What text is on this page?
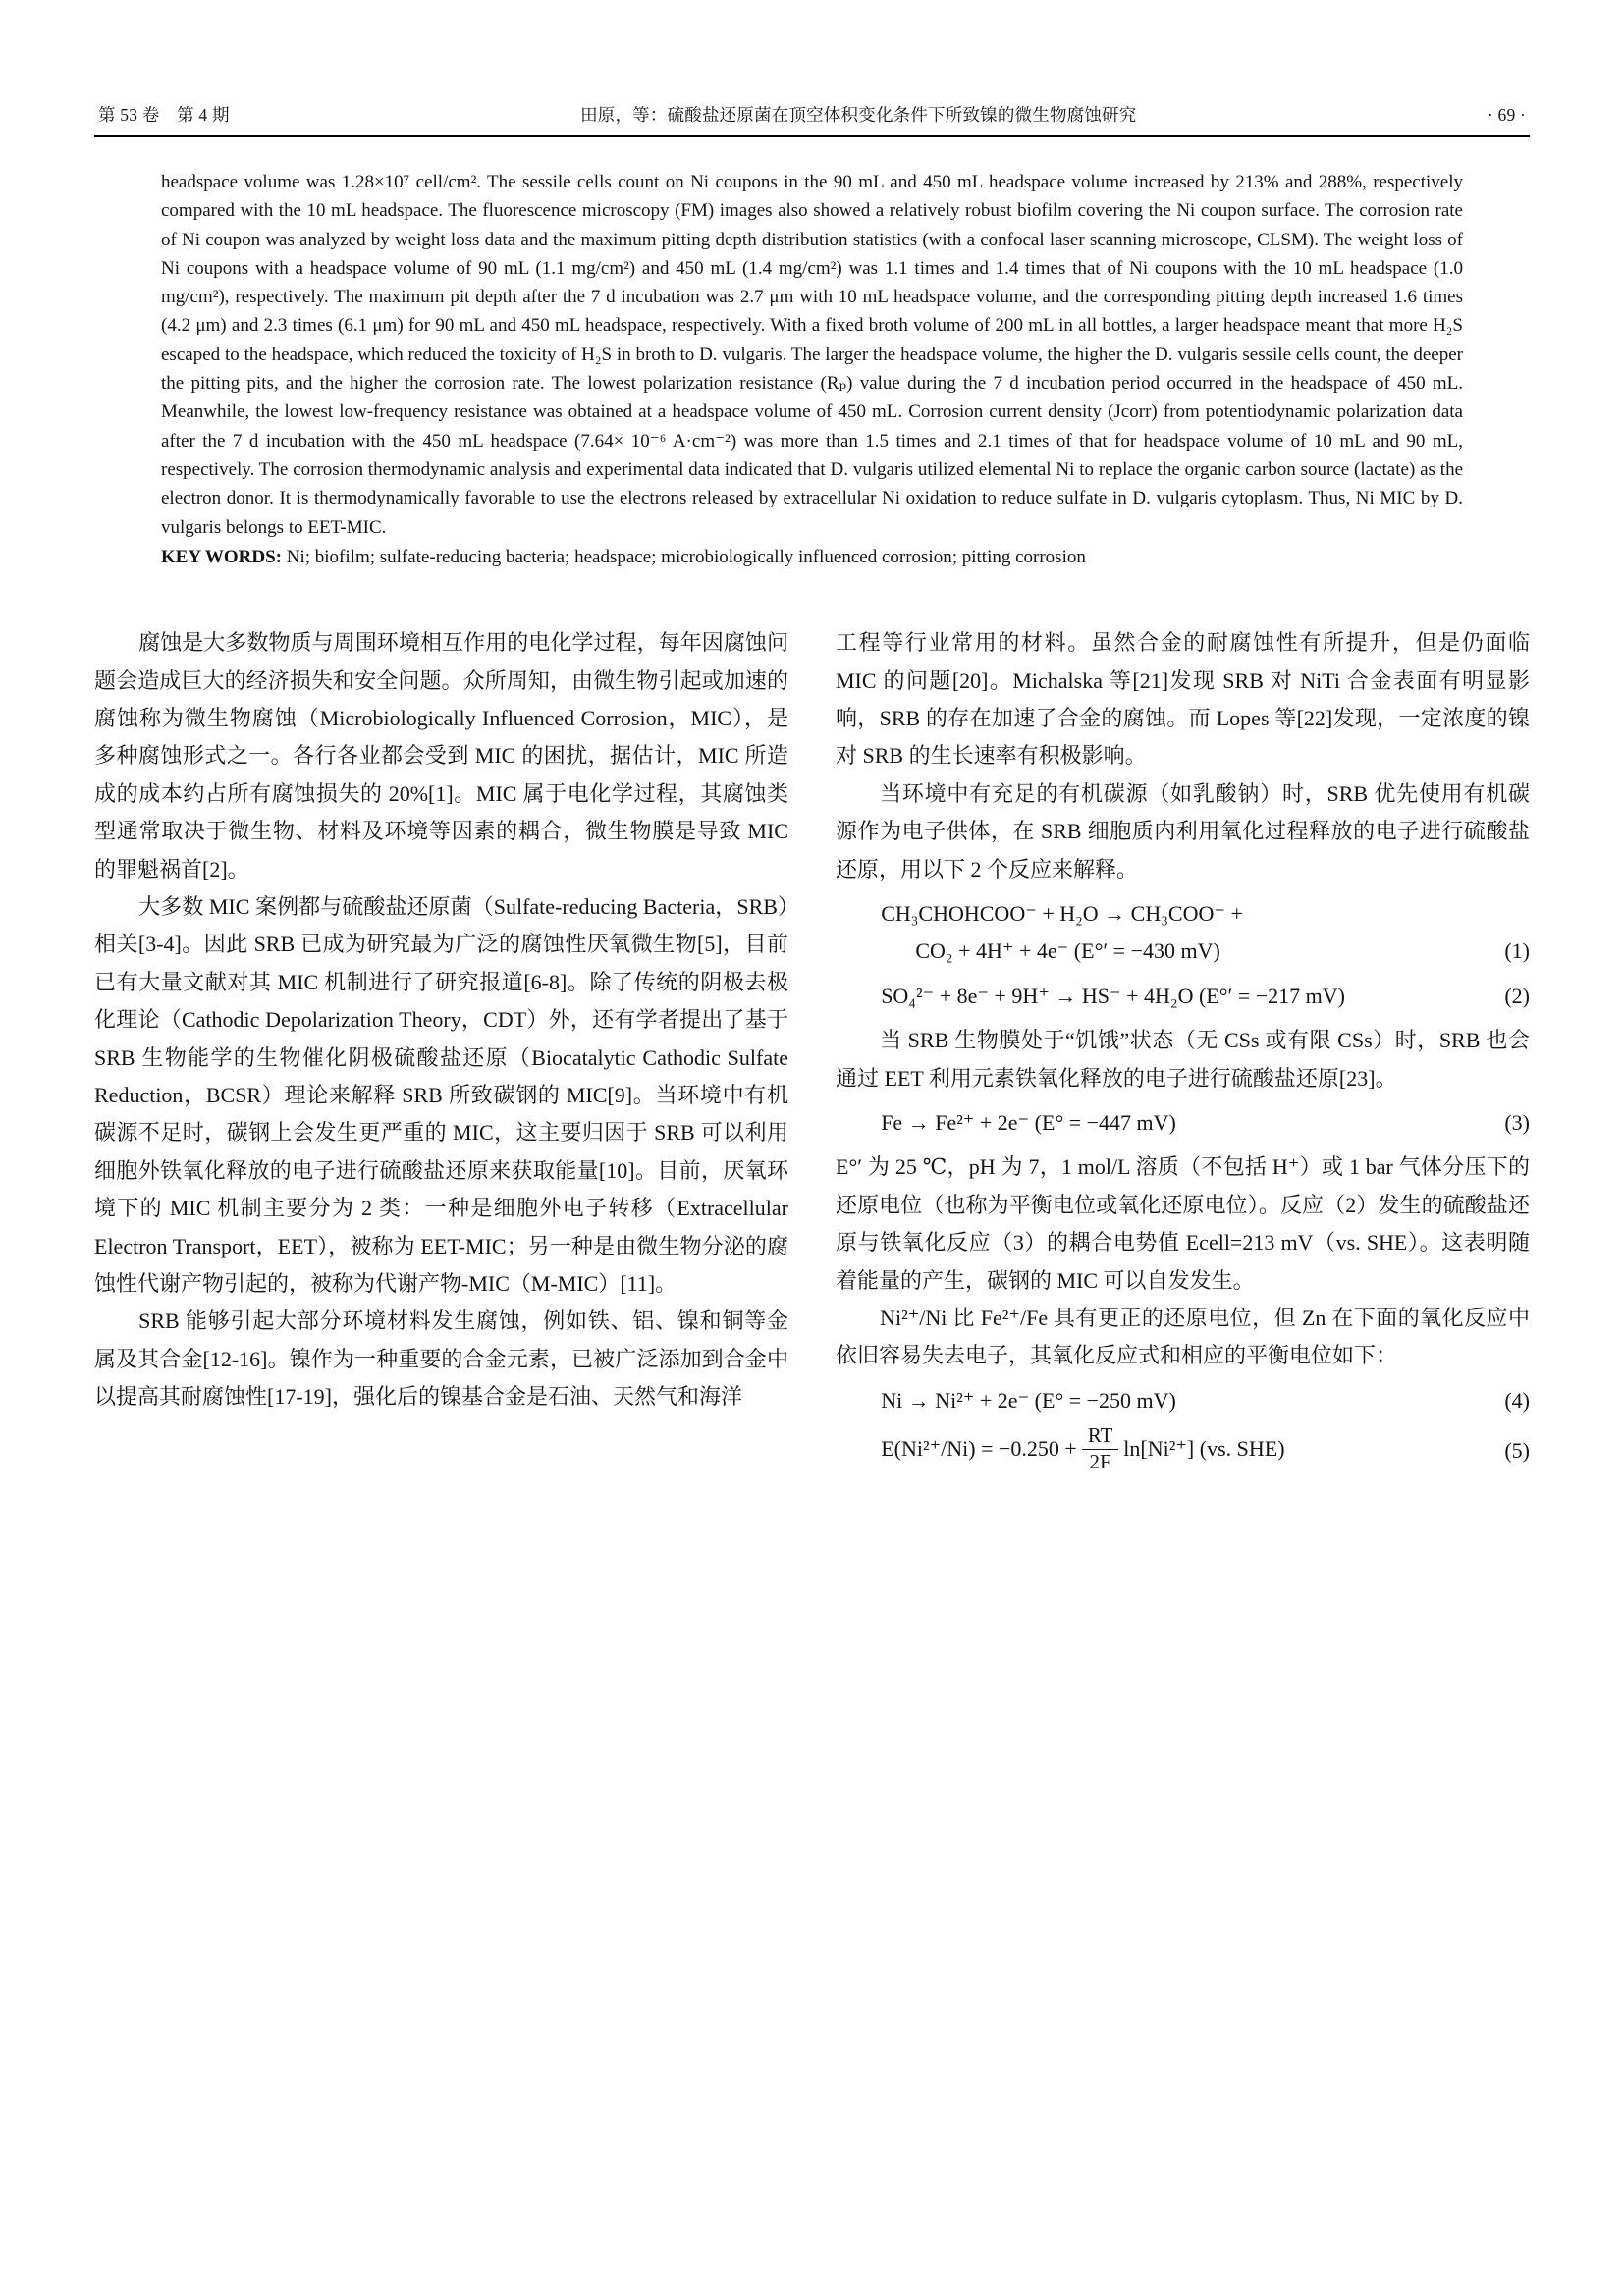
第 53 卷　第 4 期	田原，等：硫酸盐还原菌在顶空体积变化条件下所致镍的微生物腐蚀研究	· 69 ·
headspace volume was 1.28×10⁷ cell/cm². The sessile cells count on Ni coupons in the 90 mL and 450 mL headspace volume increased by 213% and 288%, respectively compared with the 10 mL headspace. The fluorescence microscopy (FM) images also showed a relatively robust biofilm covering the Ni coupon surface. The corrosion rate of Ni coupon was analyzed by weight loss data and the maximum pitting depth distribution statistics (with a confocal laser scanning microscope, CLSM). The weight loss of Ni coupons with a headspace volume of 90 mL (1.1 mg/cm²) and 450 mL (1.4 mg/cm²) was 1.1 times and 1.4 times that of Ni coupons with the 10 mL headspace (1.0 mg/cm²), respectively. The maximum pit depth after the 7 d incubation was 2.7 μm with 10 mL headspace volume, and the corresponding pitting depth increased 1.6 times (4.2 μm) and 2.3 times (6.1 μm) for 90 mL and 450 mL headspace, respectively. With a fixed broth volume of 200 mL in all bottles, a larger headspace meant that more H₂S escaped to the headspace, which reduced the toxicity of H₂S in broth to D. vulgaris. The larger the headspace volume, the higher the D. vulgaris sessile cells count, the deeper the pitting pits, and the higher the corrosion rate. The lowest polarization resistance (Rₚ) value during the 7 d incubation period occurred in the headspace of 450 mL. Meanwhile, the lowest low-frequency resistance was obtained at a headspace volume of 450 mL. Corrosion current density (Jcorr) from potentiodynamic polarization data after the 7 d incubation with the 450 mL headspace (7.64× 10⁻⁶ A·cm⁻²) was more than 1.5 times and 2.1 times of that for headspace volume of 10 mL and 90 mL, respectively. The corrosion thermodynamic analysis and experimental data indicated that D. vulgaris utilized elemental Ni to replace the organic carbon source (lactate) as the electron donor. It is thermodynamically favorable to use the electrons released by extracellular Ni oxidation to reduce sulfate in D. vulgaris cytoplasm. Thus, Ni MIC by D. vulgaris belongs to EET-MIC.
KEY WORDS: Ni; biofilm; sulfate-reducing bacteria; headspace; microbiologically influenced corrosion; pitting corrosion

腐蚀是大多数物质与周围环境相互作用的电化学过程，每年因腐蚀问题会造成巨大的经济损失和安全问题。众所周知，由微生物引起或加速的腐蚀称为微生物腐蚀（Microbiologically Influenced Corrosion，MIC），是多种腐蚀形式之一。各行各业都会受到 MIC 的困扰，据估计，MIC 所造成的成本约占所有腐蚀损失的 20%[1]。MIC 属于电化学过程，其腐蚀类型通常取决于微生物、材料及环境等因素的耦合，微生物膜是导致 MIC 的罪魁祸首[2]。

大多数 MIC 案例都与硫酸盐还原菌（Sulfate-reducing Bacteria，SRB）相关[3-4]。因此 SRB 已成为研究最为广泛的腐蚀性厌氧微生物[5]，目前已有大量文献对其 MIC 机制进行了研究报道[6-8]。除了传统的阴极去极化理论（Cathodic Depolarization Theory，CDT）外，还有学者提出了基于 SRB 生物能学的生物催化阴极硫酸盐还原（Biocatalytic Cathodic Sulfate Reduction，BCSR）理论来解释 SRB 所致碳钢的 MIC[9]。当环境中有机碳源不足时，碳钢上会发生更严重的 MIC，这主要归因于 SRB 可以利用细胞外铁氧化释放的电子进行硫酸盐还原来获取能量[10]。目前，厌氧环境下的 MIC 机制主要分为 2 类：一种是细胞外电子转移（Extracellular Electron Transport，EET），被称为 EET-MIC；另一种是由微生物分泌的腐蚀性代谢产物引起的，被称为代谢产物-MIC（M-MIC）[11]。

SRB 能够引起大部分环境材料发生腐蚀，例如铁、铝、镍和铜等金属及其合金[12-16]。镍作为一种重要的合金元素，已被广泛添加到合金中以提高其耐腐蚀性[17-19]，强化后的镍基合金是石油、天然气和海洋

工程等行业常用的材料。虽然合金的耐腐蚀性有所提升，但是仍面临 MIC 的问题[20]。Michalska 等[21]发现 SRB 对 NiTi 合金表面有明显影响，SRB 的存在加速了合金的腐蚀。而 Lopes 等[22]发现，一定浓度的镍对 SRB 的生长速率有积极影响。

当环境中有充足的有机碳源（如乳酸钠）时，SRB 优先使用有机碳源作为电子供体，在 SRB 细胞质内利用氧化过程释放的电子进行硫酸盐还原，用以下 2 个反应来解释。

CH₃CHOHCOO⁻ + H₂O → CH₃COO⁻ +
CO₂ + 4H⁺ + 4e⁻ (E°′ = −430 mV)	(1)
SO₄²⁻ + 8e⁻ + 9H⁺ → HS⁻ + 4H₂O (E°′ = −217 mV)	(2)

当 SRB 生物膜处于“饥饿”状态（无 CSs 或有限 CSs）时，SRB 也会通过 EET 利用元素铁氧化释放的电子进行硫酸盐还原[23]。

Fe → Fe²⁺ + 2e⁻ (E° = −447 mV)	(3)

E°′ 为 25 ℃，pH 为 7，1 mol/L 溶质（不包括 H⁺）或 1 bar 气体分压下的还原电位（也称为平衡电位或氧化还原电位）。反应（2）发生的硫酸盐还原与铁氧化反应（3）的耦合电势值 Ecell=213 mV（vs. SHE）。这表明随着能量的产生，碳钢的 MIC 可以自发发生。

Ni²⁺/Ni 比 Fe²⁺/Fe 具有更正的还原电位，但 Zn 在下面的氧化反应中依旧容易失去电子，其氧化反应式和相应的平衡电位如下：

Ni → Ni²⁺ + 2e⁻ (E° = −250 mV)	(4)
$E(Ni^{2+}/Ni) = -0.250 + \frac{RT}{2F} \ln[Ni^{2+}]$ (vs. SHE)	(5)
